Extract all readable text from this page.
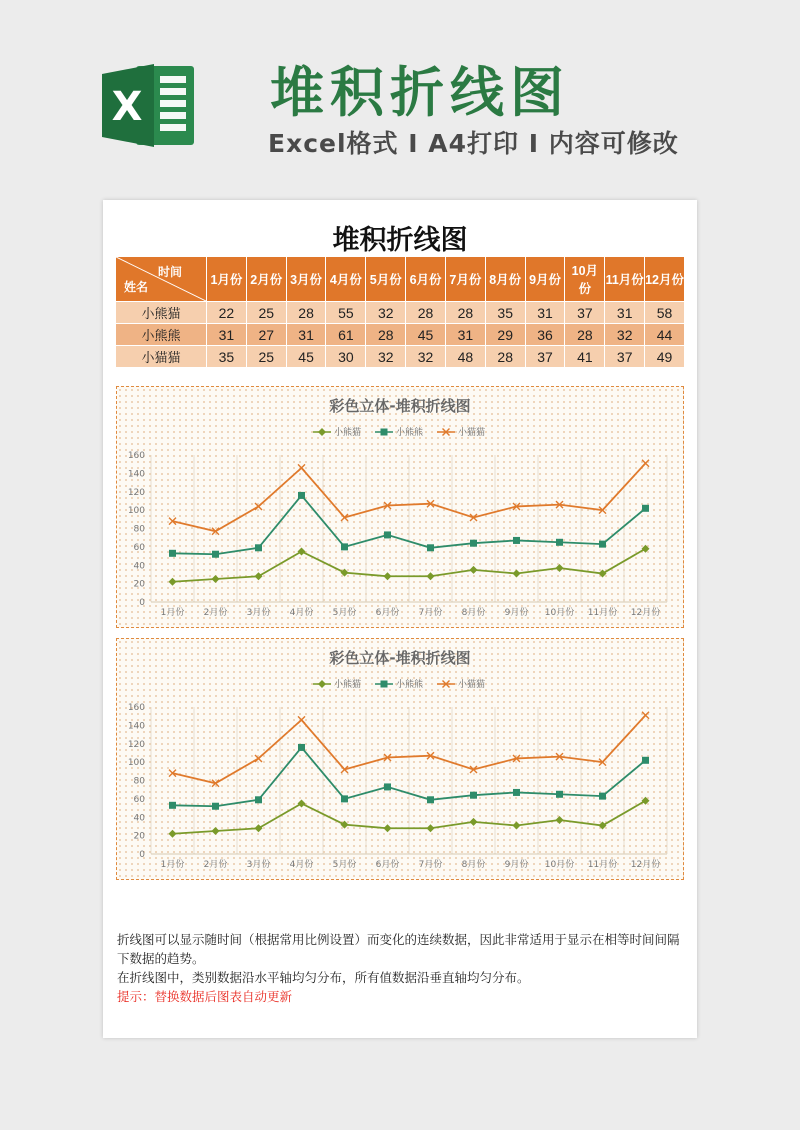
X 堆积折线图
Excel格式 I A4打印 I 内容可修改
堆积折线图
时间
姓名	1月份	2月份	3月份	4月份	5月份	6月份	7月份	8月份	9月份	10月份	11月份	12月份
小熊猫	22	25	28	55	32	28	28	35	31	37	31	58
小熊熊	31	27	31	61	28	45	31	29	36	28	32	44
小猫猫	35	25	45	30	32	32	48	28	37	41	37	49
彩色立体-堆积折线图
小熊猫	小熊熊	小猫猫
0
20
40
60
80
100
120
140
160
1月份 2月份 3月份 4月份 5月份 6月份 7月份 8月份 9月份 10月份 11月份 12月份
彩色立体-堆积折线图
小熊猫	小熊熊	小猫猫
0
20
40
60
80
100
120
140
160
1月份 2月份 3月份 4月份 5月份 6月份 7月份 8月份 9月份 10月份 11月份 12月份
折线图可以显示随时间（根据常用比例设置）而变化的连续数据，因此非常适用于显示在相等时间间隔下数据的趋势。
在折线图中，类别数据沿水平轴均匀分布，所有值数据沿垂直轴均匀分布。
提示：替换数据后图表自动更新
